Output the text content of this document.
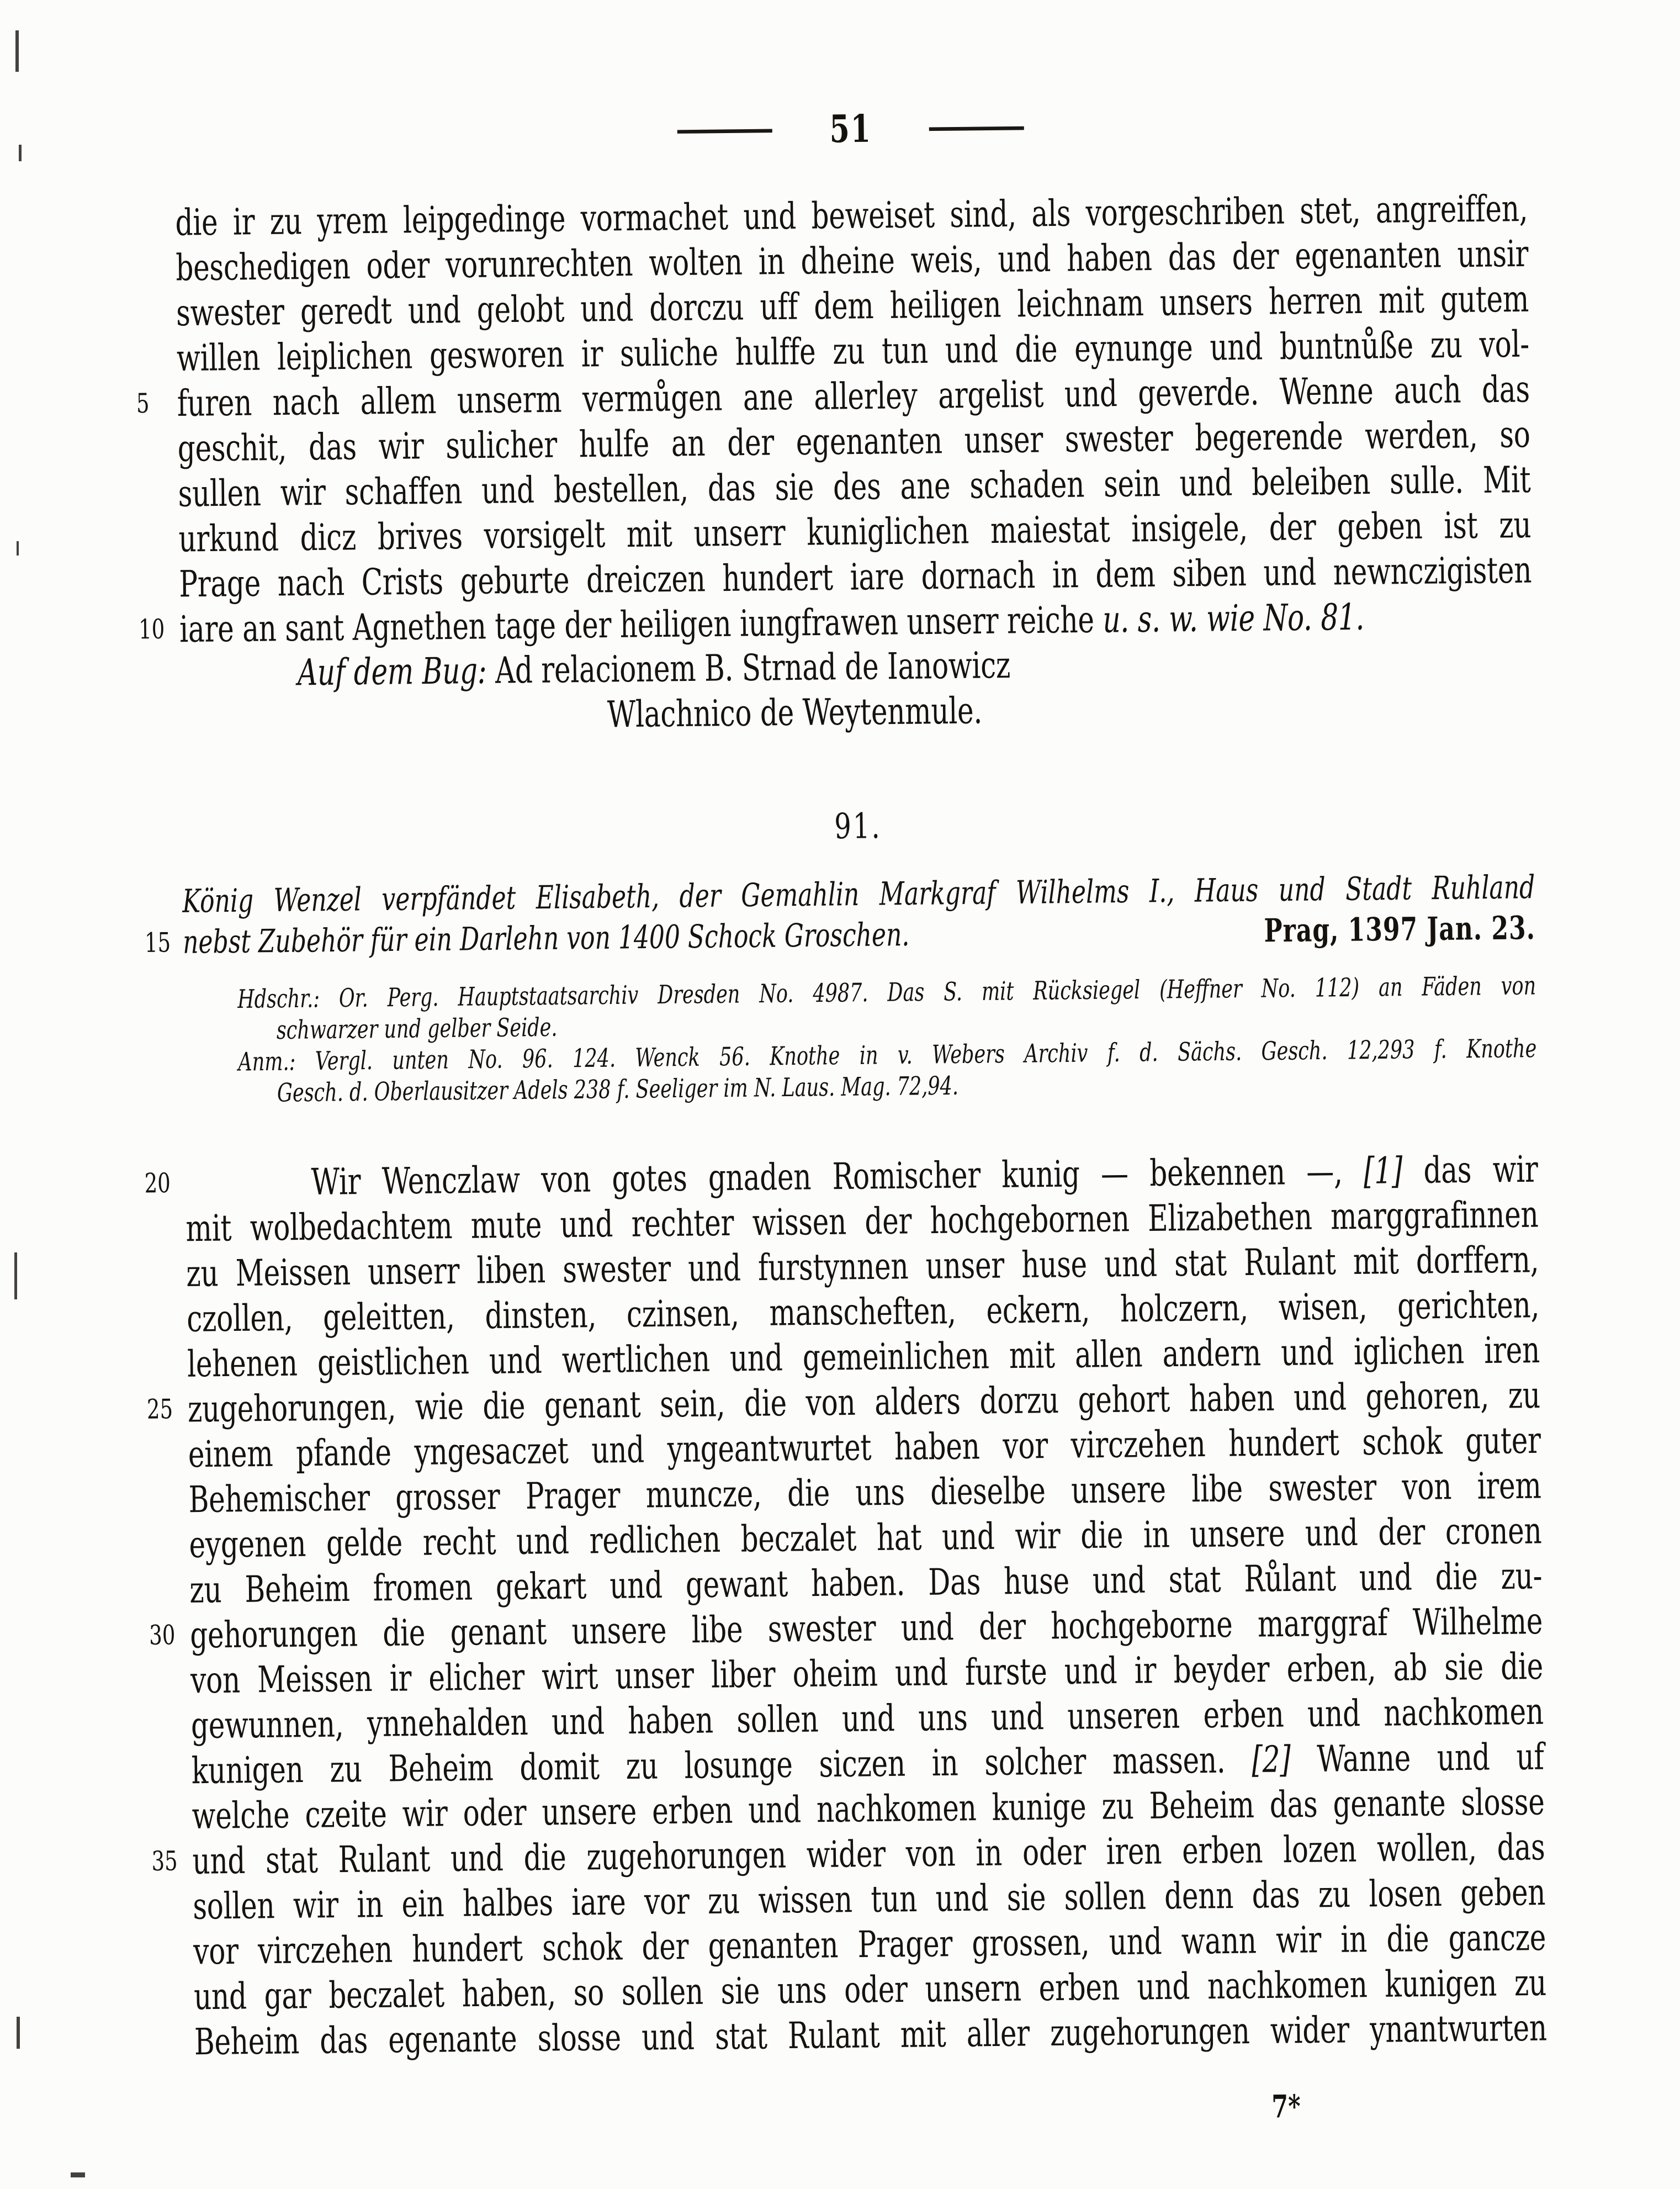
51
die ir zu yrem leipgedinge vormachet und beweiset sind, als vorgeschriben stet, angreiffen,
beschedigen oder vorunrechten wolten in dheine weis, und haben das der egenanten unsir
swester geredt und gelobt und dorczu uff dem heiligen leichnam unsers herren mit gutem
willen leiplichen gesworen ir suliche hulffe zu tun und die eynunge und buntnůße zu vol-
5 furen nach allem unserm vermůgen ane allerley argelist und geverde. Wenne auch das
geschit, das wir sulicher hulfe an der egenanten unser swester begerende werden, so
sullen wir schaffen und bestellen, das sie des ane schaden sein und beleiben sulle. Mit
urkund dicz brives vorsigelt mit unserr kuniglichen maiestat insigele, der geben ist zu
Prage nach Crists geburte dreiczen hundert iare dornach in dem siben und newnczigisten
10 iare an sant Agnethen tage der heiligen iungfrawen unserr reiche u. s. w. wie No. 81.
Auf dem Bug: Ad relacionem B. Strnad de Ianowicz
Wlachnico de Weytenmule.
91.
König Wenzel verpfändet Elisabeth, der Gemahlin Markgraf Wilhelms I., Haus und Stadt Ruhland
15 nebst Zubehör für ein Darlehn von 1400 Schock Groschen.	Prag, 1397 Jan. 23.
Hdschr.: Or. Perg. Hauptstaatsarchiv Dresden No. 4987. Das S. mit Rücksiegel (Heffner No. 112) an Fäden von
schwarzer und gelber Seide.
Anm.: Vergl. unten No. 96. 124. Wenck 56. Knothe in v. Webers Archiv f. d. Sächs. Gesch. 12,293 f. Knothe
Gesch. d. Oberlausitzer Adels 238 f. Seeliger im N. Laus. Mag. 72,94.
20	Wir Wenczlaw von gotes gnaden Romischer kunig — bekennen —, [1] das wir
mit wolbedachtem mute und rechter wissen der hochgebornen Elizabethen marggrafinnen
zu Meissen unserr liben swester und furstynnen unser huse und stat Rulant mit dorffern,
czollen, geleitten, dinsten, czinsen, manscheften, eckern, holczern, wisen, gerichten,
lehenen geistlichen und wertlichen und gemeinlichen mit allen andern und iglichen iren
25 zugehorungen, wie die genant sein, die von alders dorzu gehort haben und gehoren, zu
einem pfande yngesaczet und yngeantwurtet haben vor virczehen hundert schok guter
Behemischer grosser Prager muncze, die uns dieselbe unsere libe swester von irem
eygenen gelde recht und redlichen beczalet hat und wir die in unsere und der cronen
zu Beheim fromen gekart und gewant haben. Das huse und stat Růlant und die zu-
30 gehorungen die genant unsere libe swester und der hochgeborne marggraf Wilhelme
von Meissen ir elicher wirt unser liber oheim und furste und ir beyder erben, ab sie die
gewunnen, ynnehalden und haben sollen und uns und unseren erben und nachkomen
kunigen zu Beheim domit zu losunge siczen in solcher massen. [2] Wanne und uf
welche czeite wir oder unsere erben und nachkomen kunige zu Beheim das genante slosse
35 und stat Rulant und die zugehorungen wider von in oder iren erben lozen wollen, das
sollen wir in ein halbes iare vor zu wissen tun und sie sollen denn das zu losen geben
vor virczehen hundert schok der genanten Prager grossen, und wann wir in die gancze
und gar beczalet haben, so sollen sie uns oder unsern erben und nachkomen kunigen zu
Beheim das egenante slosse und stat Rulant mit aller zugehorungen wider ynantwurten
7*
